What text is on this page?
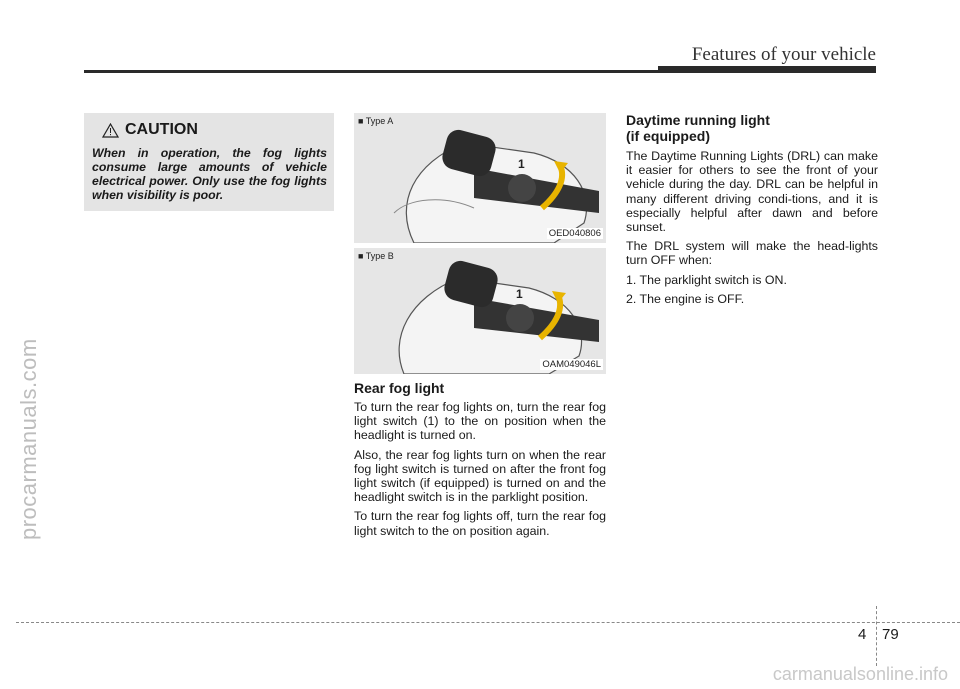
Features of your vehicle
procarmanuals.com
CAUTION
When in operation, the fog lights consume large amounts of vehicle electrical power. Only use the fog lights when visibility is poor.
1
■ Type A
OED040806
1
■ Type B
OAM049046L
Rear fog light

To turn the rear fog lights on, turn the rear fog light switch (1) to the on position when the headlight is turned on.

Also, the rear fog lights turn on when the rear fog light switch is turned on after the front fog light switch (if equipped) is turned on and the headlight switch is in the parklight position.

To turn the rear fog lights off, turn the rear fog light switch to the on position again.

Daytime running light
(if equipped)

The Daytime Running Lights (DRL) can make it easier for others to see the front of your vehicle during the day. DRL can be helpful in many different driving condi-tions, and it is especially helpful after dawn and before sunset.

The DRL system will make the head-lights turn OFF when:

1. The parklight switch is ON.

2. The engine is OFF.

4 79
carmanualsonline.info
